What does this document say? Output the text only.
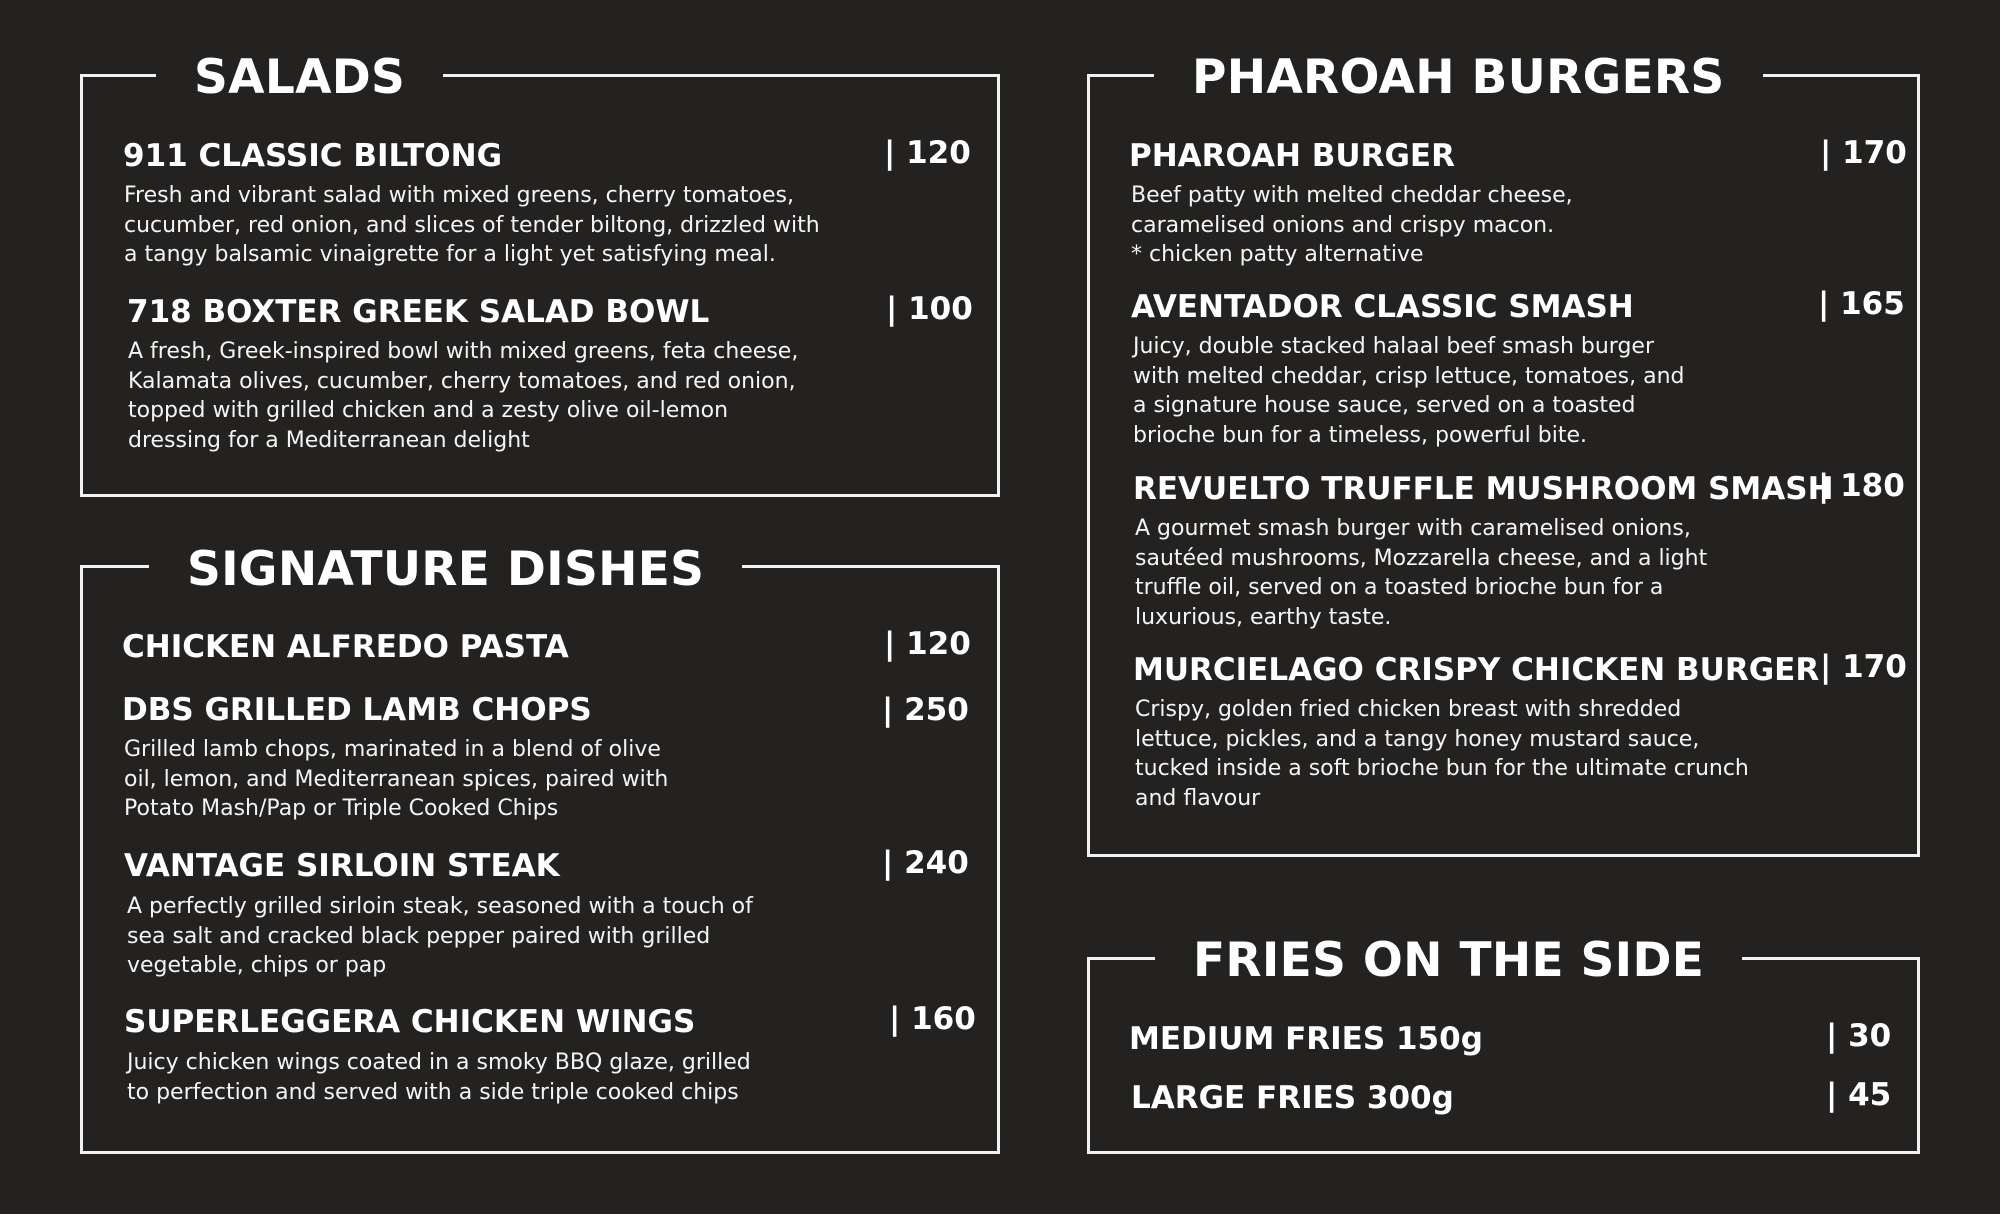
SALADS
911 CLASSIC BILTONG	| 120
Fresh and vibrant salad with mixed greens, cherry tomatoes,
cucumber, red onion, and slices of tender biltong, drizzled with
a tangy balsamic vinaigrette for a light yet satisfying meal.
718 BOXTER GREEK SALAD BOWL	| 100
A fresh, Greek-inspired bowl with mixed greens, feta cheese,
Kalamata olives, cucumber, cherry tomatoes, and red onion,
topped with grilled chicken and a zesty olive oil-lemon
dressing for a Mediterranean delight
SIGNATURE DISHES
CHICKEN ALFREDO PASTA	| 120
DBS GRILLED LAMB CHOPS	| 250
Grilled lamb chops, marinated in a blend of olive
oil, lemon, and Mediterranean spices, paired with
Potato Mash/Pap or Triple Cooked Chips
VANTAGE SIRLOIN STEAK	| 240
A perfectly grilled sirloin steak, seasoned with a touch of
sea salt and cracked black pepper paired with grilled
vegetable, chips or pap
SUPERLEGGERA CHICKEN WINGS	| 160
Juicy chicken wings coated in a smoky BBQ glaze, grilled
to perfection and served with a side triple cooked chips
PHAROAH BURGERS
PHAROAH BURGER	| 170
Beef patty with melted cheddar cheese,
caramelised onions and crispy macon.
* chicken patty alternative
AVENTADOR CLASSIC SMASH	| 165
Juicy, double stacked halaal beef smash burger
with melted cheddar, crisp lettuce, tomatoes, and
a signature house sauce, served on a toasted
brioche bun for a timeless, powerful bite.
REVUELTO TRUFFLE MUSHROOM SMASH
| 180
A gourmet smash burger with caramelised onions,
sautéed mushrooms, Mozzarella cheese, and a light
truffle oil, served on a toasted brioche bun for a
luxurious, earthy taste.
MURCIELAGO CRISPY CHICKEN BURGER | 170
Crispy, golden fried chicken breast with shredded
lettuce, pickles, and a tangy honey mustard sauce,
tucked inside a soft brioche bun for the ultimate crunch
and flavour
FRIES ON THE SIDE
MEDIUM FRIES 150g	| 30
LARGE FRIES 300g	| 45
